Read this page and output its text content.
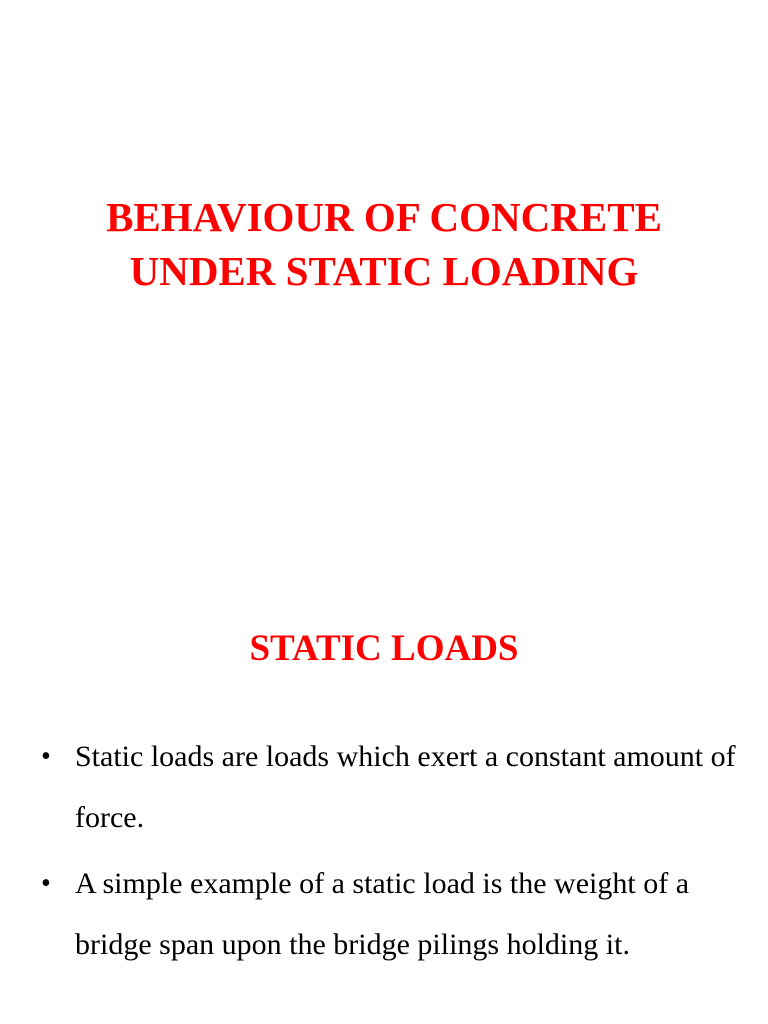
BEHAVIOUR OF CONCRETE
UNDER STATIC LOADING
STATIC LOADS
• Static loads are loads which exert a constant amount of force.
• A simple example of a static load is the weight of a bridge span upon the bridge pilings holding it.
